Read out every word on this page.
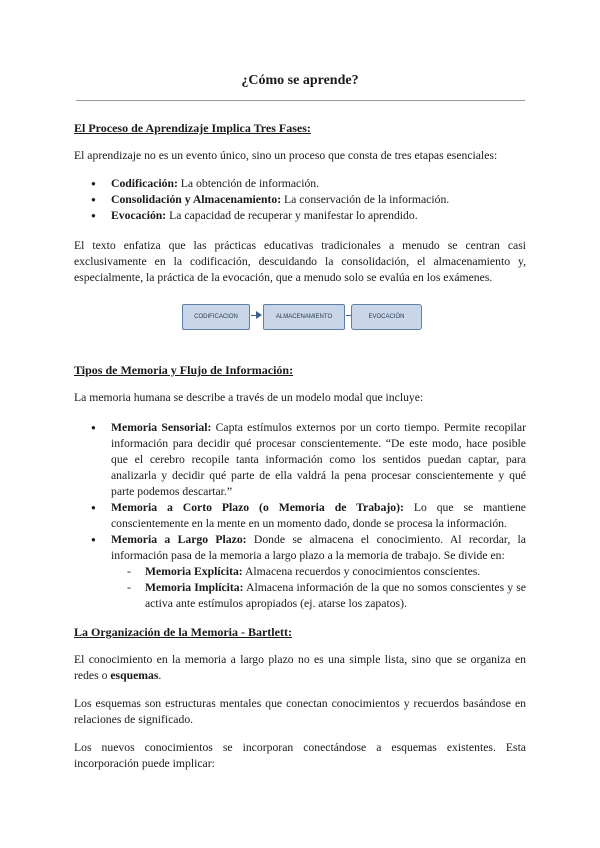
¿Cómo se aprende?
El Proceso de Aprendizaje Implica Tres Fases:

El aprendizaje no es un evento único, sino un proceso que consta de tres etapas esenciales:

● Codificación: La obtención de información.
● Consolidación y Almacenamiento: La conservación de la información.
● Evocación: La capacidad de recuperar y manifestar lo aprendido.

El texto enfatiza que las prácticas educativas tradicionales a menudo se centran casi exclusivamente en la codificación, descuidando la consolidación, el almacenamiento y, especialmente, la práctica de la evocación, que a menudo solo se evalúa en los exámenes.

CODIFICACION	ALMACENAMIENTO	EVOCACIÓN
Tipos de Memoria y Flujo de Información:

La memoria humana se describe a través de un modelo modal que incluye:

● Memoria Sensorial: Capta estímulos externos por un corto tiempo. Permite recopilar información para decidir qué procesar conscientemente. “De este modo, hace posible que el cerebro recopile tanta información como los sentidos puedan captar, para analizarla y decidir qué parte de ella valdrá la pena procesar conscientemente y qué parte podemos descartar.”
● Memoria a Corto Plazo (o Memoria de Trabajo): Lo que se mantiene conscientemente en la mente en un momento dado, donde se procesa la información.
● Memoria a Largo Plazo: Donde se almacena el conocimiento. Al recordar, la información pasa de la memoria a largo plazo a la memoria de trabajo. Se divide en:
- Memoria Explícita: Almacena recuerdos y conocimientos conscientes.
- Memoria Implícita: Almacena información de la que no somos conscientes y se activa ante estímulos apropiados (ej. atarse los zapatos).
La Organización de la Memoria - Bartlett:

El conocimiento en la memoria a largo plazo no es una simple lista, sino que se organiza en redes o esquemas.

Los esquemas son estructuras mentales que conectan conocimientos y recuerdos basándose en relaciones de significado.

Los nuevos conocimientos se incorporan conectándose a esquemas existentes. Esta incorporación puede implicar:
